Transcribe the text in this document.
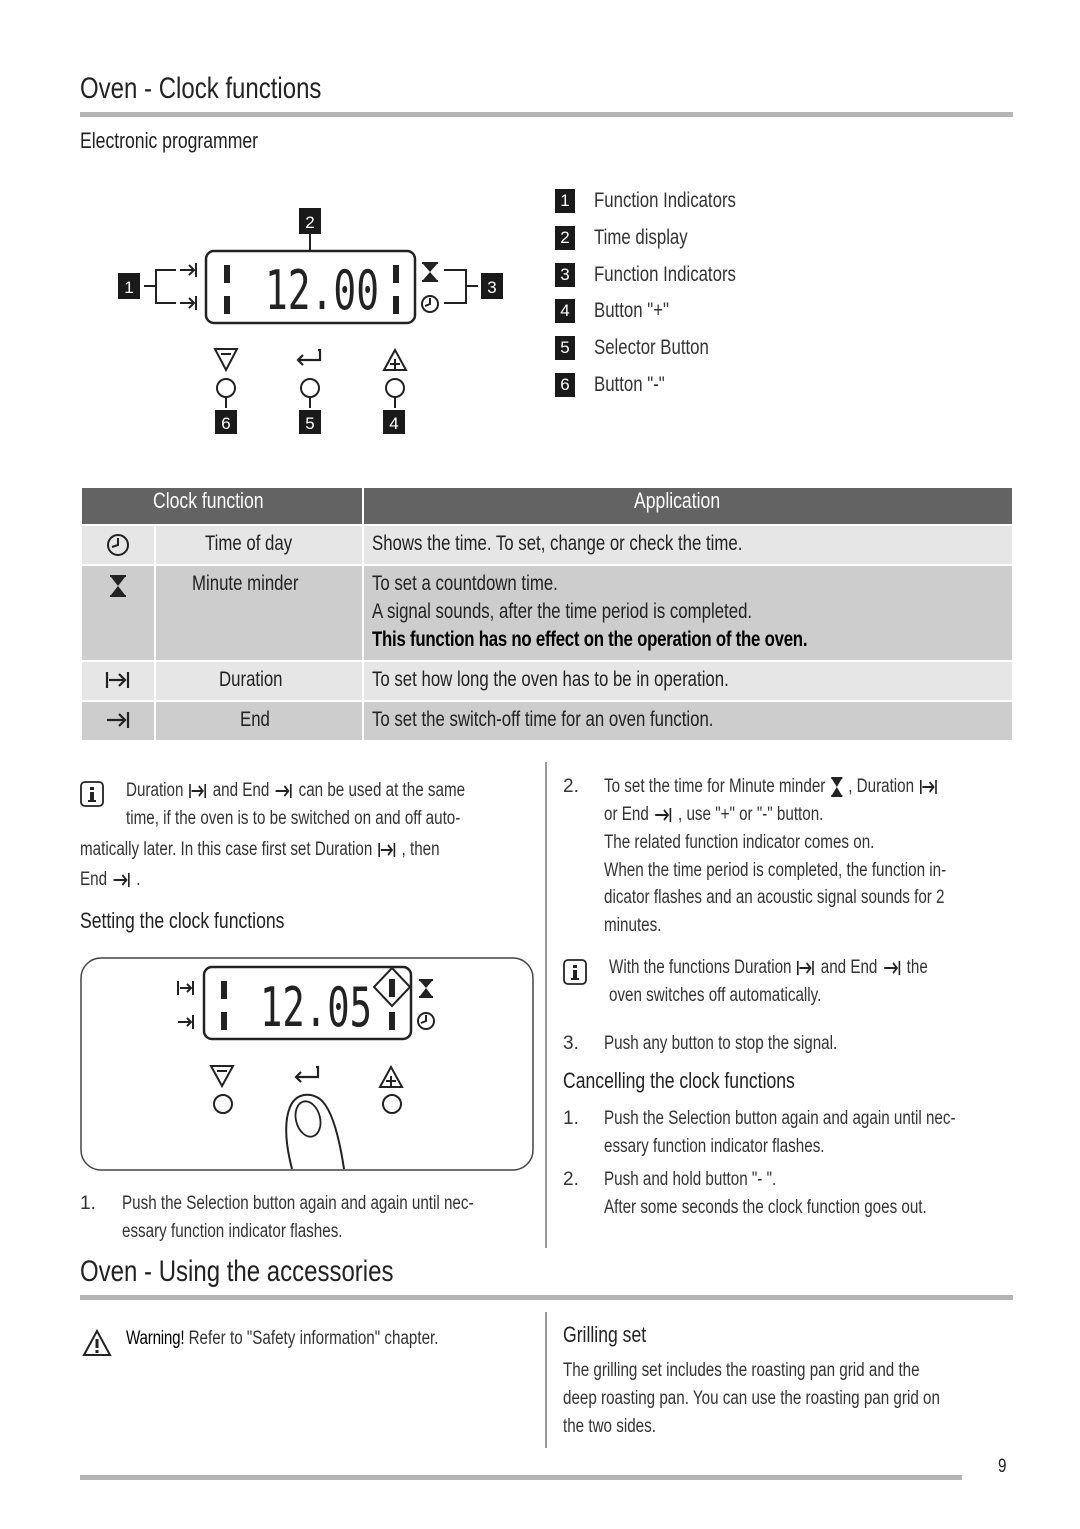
Oven - Clock functions
Electronic programmer
2
12.00
1	3
6	5	4
1 Function Indicators
2 Time display
3 Function Indicators
4 Button "+"
5 Selector Button
6 Button "-"
Clock function		Application
	Time of day	Shows the time. To set, change or check the time.
	Minute minder	To set a countdown time.
A signal sounds, after the time period is completed.
This function has no effect on the operation of the oven.

	Duration	To set how long the oven has to be in operation.
	End	To set the switch-off time for an oven function.
Duration and End can be used at the same
time, if the oven is to be switched on and off auto-
matically later. In this case first set Duration , then
End .
Setting the clock functions
12.05
1. Push the Selection button again and again until nec-
essary function indicator flashes.
2. To set the time for Minute minder , Duration
or End , use "+" or "-" button.
The related function indicator comes on.
When the time period is completed, the function in-
dicator flashes and an acoustic signal sounds for 2
minutes.
With the functions Duration and End the
oven switches off automatically.
3. Push any button to stop the signal.
Cancelling the clock functions
1. Push the Selection button again and again until nec-
essary function indicator flashes.
2. Push and hold button "- ".
After some seconds the clock function goes out.
Oven - Using the accessories
Warning! Refer to "Safety information" chapter.	Grilling set
The grilling set includes the roasting pan grid and the
deep roasting pan. You can use the roasting pan grid on
the two sides.
9
